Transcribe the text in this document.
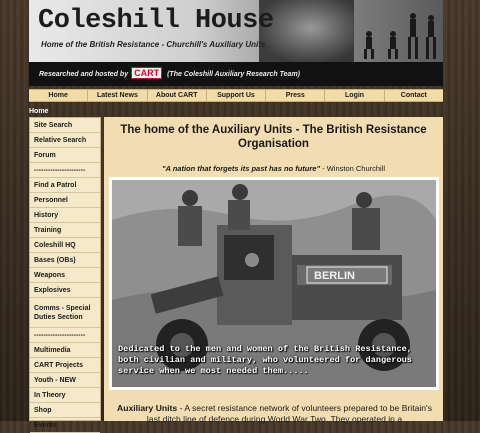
Coleshill House
Home of the British Resistance - Churchill's Auxiliary Units
Researched and hosted by CART (The Coleshill Auxiliary Research Team)
Home	Latest News	About CART	Support Us	Press	Login	Contact
Home
Site Search
Relative Search
Forum
----------------------
Find a Patrol
Personnel
History
Training
Coleshill HQ
Bases (OBs)
Weapons
Explosives
Comms - Special Duties Section
----------------------
Multimedia
CART Projects
Youth - NEW
In Theory
Shop
Events
The home of the Auxiliary Units - The British Resistance Organisation
"A nation that forgets its past has no future" - Winston Churchill
BERLIN
Dedicated to the men and women of the British Resistance, both civilian and military, who volunteered for dangerous service when we most needed them.....
Auxiliary Units - A secret resistance network of volunteers prepared to be Britain's last ditch line of defence during World War Two. They operated in a
